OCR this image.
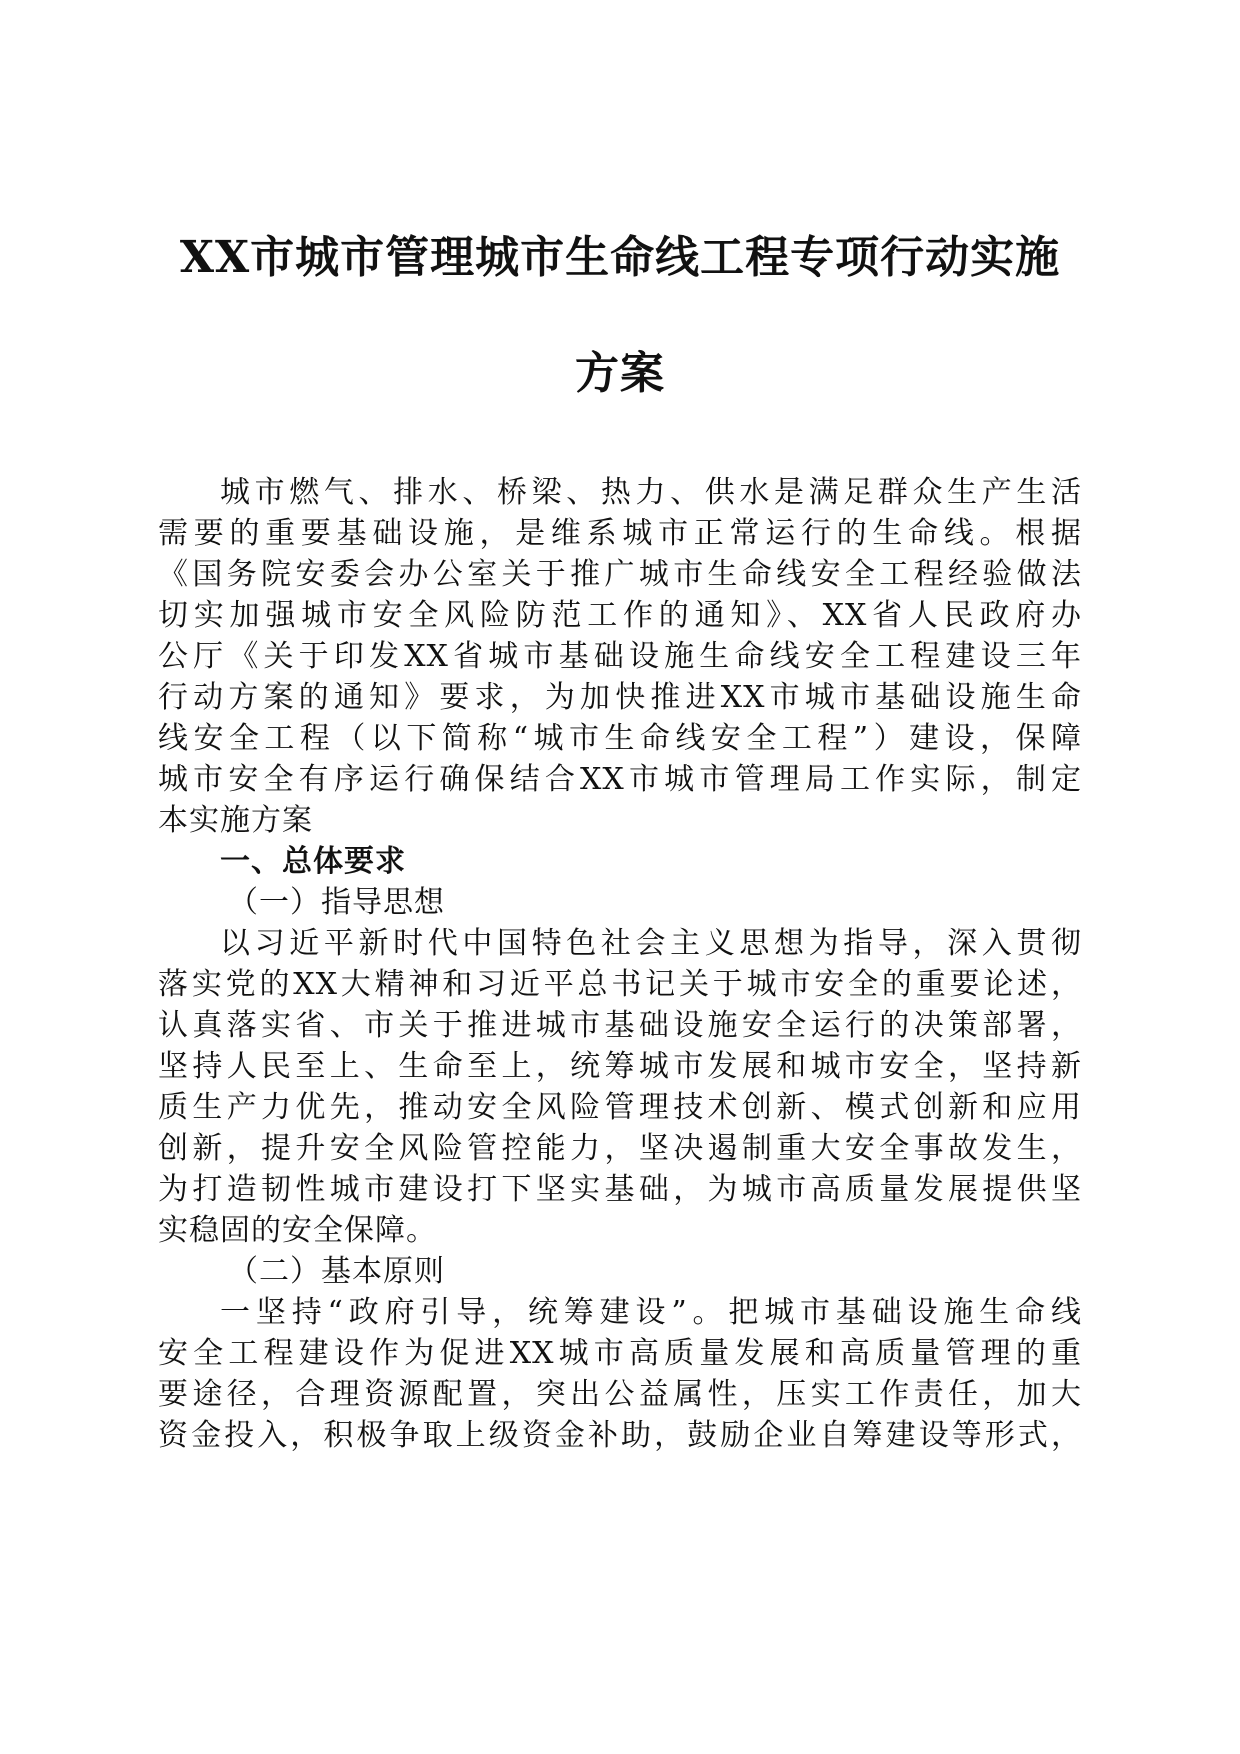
XX市城市管理城市生命线工程专项行动实施
方案
城市燃气、排水、桥梁、热力、供水是满足群众生产生活
需要的重要基础设施，是维系城市正常运行的生命线。根据
《国务院安委会办公室关于推广城市生命线安全工程经验做法
切实加强城市安全风险防范工作的通知》、XX省人民政府办
公厅《关于印发XX省城市基础设施生命线安全工程建设三年
行动方案的通知》要求，为加快推进XX市城市基础设施生命
线安全工程（以下简称“城市生命线安全工程”）建设，保障
城市安全有序运行确保结合XX市城市管理局工作实际，制定
本实施方案
一、总体要求
（一）指导思想
以习近平新时代中国特色社会主义思想为指导，深入贯彻
落实党的XX大精神和习近平总书记关于城市安全的重要论述，
认真落实省、市关于推进城市基础设施安全运行的决策部署，
坚持人民至上、生命至上，统筹城市发展和城市安全，坚持新
质生产力优先，推动安全风险管理技术创新、模式创新和应用
创新，提升安全风险管控能力，坚决遏制重大安全事故发生，
为打造韧性城市建设打下坚实基础，为城市高质量发展提供坚
实稳固的安全保障。
（二）基本原则
一坚持“政府引导，统筹建设”。把城市基础设施生命线
安全工程建设作为促进XX城市高质量发展和高质量管理的重
要途径，合理资源配置，突出公益属性，压实工作责任，加大
资金投入，积极争取上级资金补助，鼓励企业自筹建设等形式，
